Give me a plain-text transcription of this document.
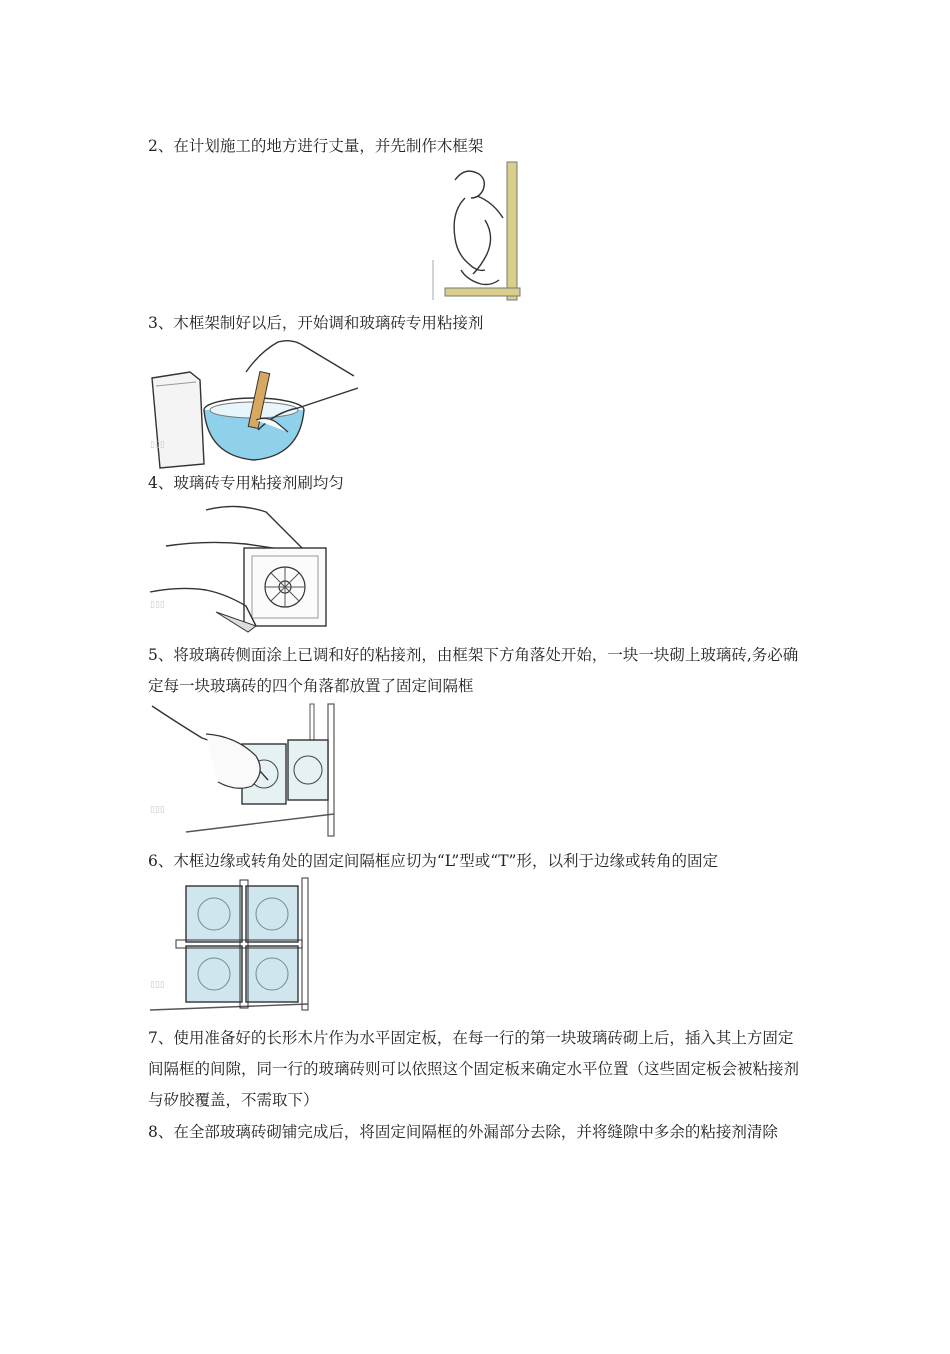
2、在计划施工的地方进行丈量，并先制作木框架

3、木框架制好以后，开始调和玻璃砖专用粘接剂

▯▯▯

4、玻璃砖专用粘接剂刷均匀

▯▯▯

5、将玻璃砖侧面涂上已调和好的粘接剂，由框架下方角落处开始，一块一块砌上玻璃砖,务必确定每一块玻璃砖的四个角落都放置了固定间隔框

▯▯▯

6、木框边缘或转角处的固定间隔框应切为“L”型或“T”形，以利于边缘或转角的固定

▯▯▯

7、使用准备好的长形木片作为水平固定板，在每一行的第一块玻璃砖砌上后，插入其上方固定间隔框的间隙，同一行的玻璃砖则可以依照这个固定板来确定水平位置（这些固定板会被粘接剂与矽胶覆盖，不需取下）

8、在全部玻璃砖砌铺完成后，将固定间隔框的外漏部分去除，并将缝隙中多余的粘接剂清除
